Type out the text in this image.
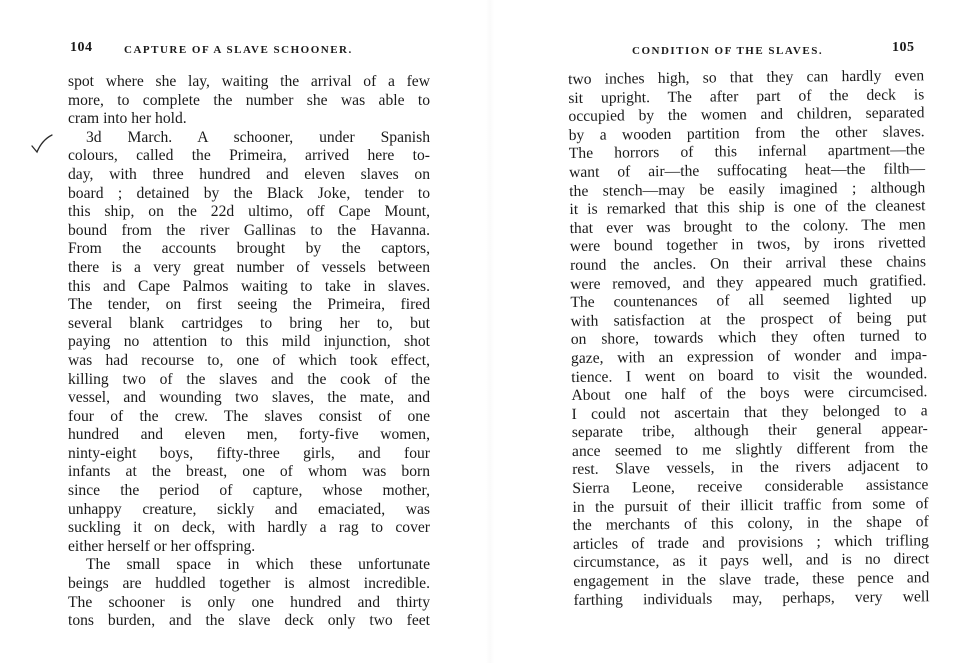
104	CAPTURE OF A SLAVE SCHOONER.
spot where she lay, waiting the arrival of a few
more, to complete the number she was able to
cram into her hold.
3d March. A schooner, under Spanish
colours, called the Primeira, arrived here to-
day, with three hundred and eleven slaves on
board ; detained by the Black Joke, tender to
this ship, on the 22d ultimo, off Cape Mount,
bound from the river Gallinas to the Havanna.
From the accounts brought by the captors,
there is a very great number of vessels between
this and Cape Palmos waiting to take in slaves.
The tender, on first seeing the Primeira, fired
several blank cartridges to bring her to, but
paying no attention to this mild injunction, shot
was had recourse to, one of which took effect,
killing two of the slaves and the cook of the
vessel, and wounding two slaves, the mate, and
four of the crew. The slaves consist of one
hundred and eleven men, forty-five women,
ninty-eight boys, fifty-three girls, and four
infants at the breast, one of whom was born
since the period of capture, whose mother,
unhappy creature, sickly and emaciated, was
suckling it on deck, with hardly a rag to cover
either herself or her offspring.
The small space in which these unfortunate
beings are huddled together is almost incredible.
The schooner is only one hundred and thirty
tons burden, and the slave deck only two feet
CONDITION OF THE SLAVES.	105
two inches high, so that they can hardly even
sit upright. The after part of the deck is
occupied by the women and children, separated
by a wooden partition from the other slaves.
The horrors of this infernal apartment—the
want of air—the suffocating heat—the filth—
the stench—may be easily imagined ; although
it is remarked that this ship is one of the cleanest
that ever was brought to the colony. The men
were bound together in twos, by irons rivetted
round the ancles. On their arrival these chains
were removed, and they appeared much gratified.
The countenances of all seemed lighted up
with satisfaction at the prospect of being put
on shore, towards which they often turned to
gaze, with an expression of wonder and impa-
tience. I went on board to visit the wounded.
About one half of the boys were circumcised.
I could not ascertain that they belonged to a
separate tribe, although their general appear-
ance seemed to me slightly different from the
rest. Slave vessels, in the rivers adjacent to
Sierra Leone, receive considerable assistance
in the pursuit of their illicit traffic from some of
the merchants of this colony, in the shape of
articles of trade and provisions ; which trifling
circumstance, as it pays well, and is no direct
engagement in the slave trade, these pence and
farthing individuals may, perhaps, very well
